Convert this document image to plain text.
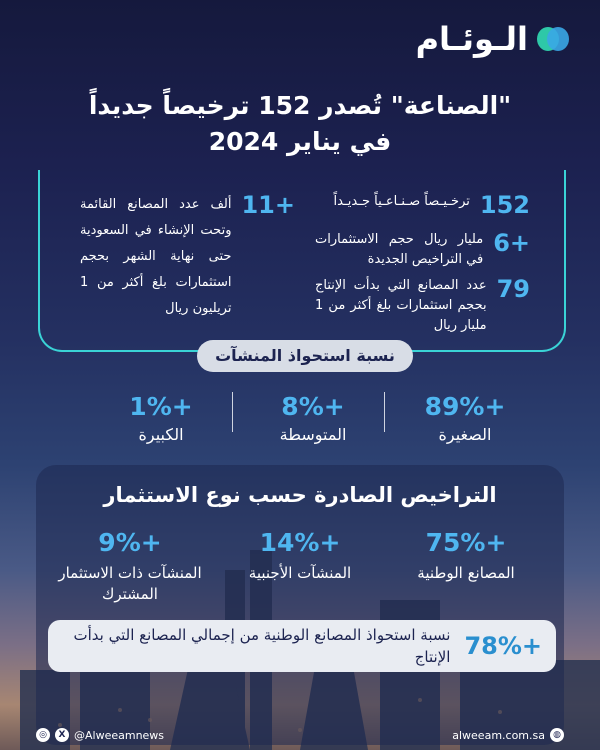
الـوئـام
"الصناعة" تُصدر 152 ترخيصاً جديداً
في يناير 2024
152
ترخـيـصاً صـنـاعـياً جـديـداً
+6
مليار ريال حجم الاستثمارات في التراخيص الجديدة
79
عدد المصانع التي بدأت الإنتاج بحجم استثمارات بلغ أكثر من 1 مليار ريال
+11
ألف عدد المصانع القائمة وتحت الإنشاء في السعودية حتى نهاية الشهر بحجم استثمارات بلغ أكثر من 1 تريليون ريال
نسبة استحواذ المنشآت
+89%
الصغيرة
+8%
المتوسطة
+1%
الكبيرة
التراخيص الصادرة حسب نوع الاستثمار
+75%
المصانع الوطنية
+14%
المنشآت الأجنبية
+9%
المنشآت ذات الاستثمار المشترك
+78%
نسبة استحواذ المصانع الوطنية من إجمالي المصانع التي بدأت الإنتاج
◎	X @Alweeamnews	alweeam.com.sa ◍
